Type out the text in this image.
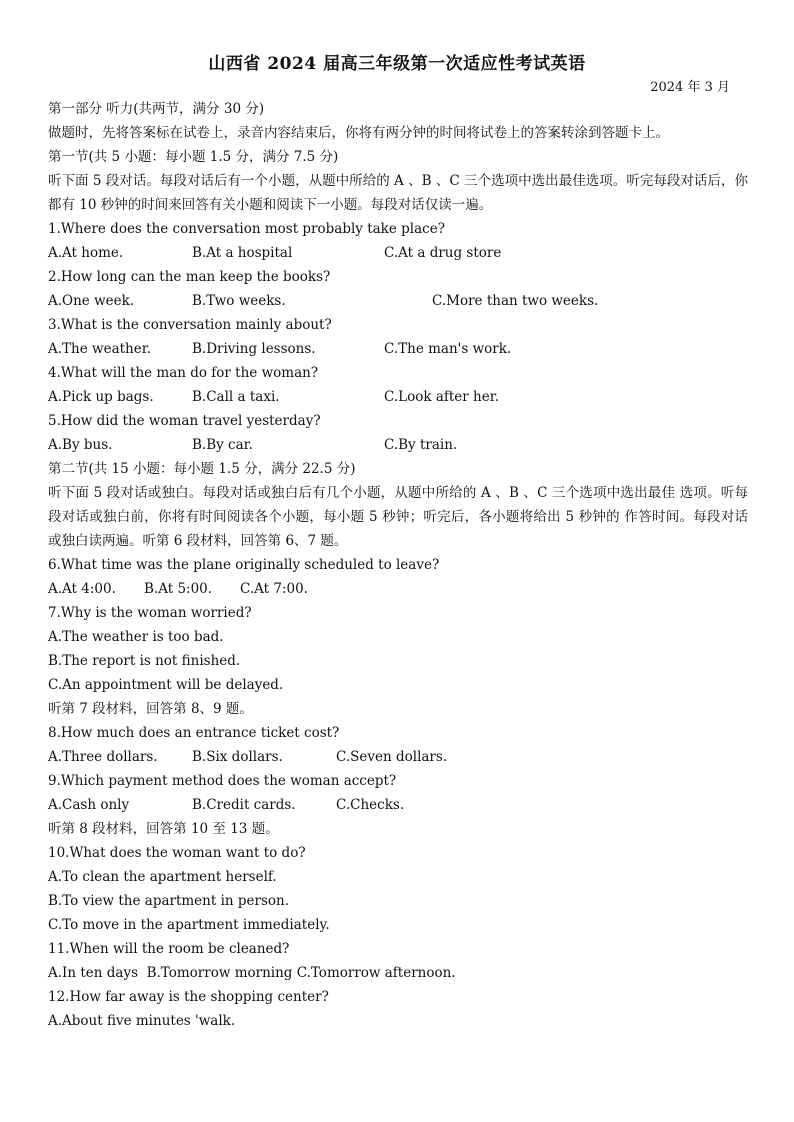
山西省 2024 届高三年级第一次适应性考试英语
2024 年 3 月
第一部分 听力(共两节，满分 30 分)
做题时，先将答案标在试卷上，录音内容结束后，你将有两分钟的时间将试卷上的答案转涂到答题卡上。
第一节(共 5 小题：每小题 1.5 分，满分 7.5 分)
听下面 5 段对话。每段对话后有一个小题，从题中所给的 A 、B 、C 三个选项中选出最佳选项。听完每段对话后，你都有 10 秒钟的时间来回答有关小题和阅读下一小题。每段对话仅读一遍。
1.Where does the conversation most probably take place?
A.At home.	B.At a hospital	C.At a drug store
2.How long can the man keep the books?
A.One week.	B.Two weeks.	C.More than two weeks.
3.What is the conversation mainly about?
A.The weather.	B.Driving lessons.	C.The man's work.
4.What will the man do for the woman?
A.Pick up bags.	B.Call a taxi.	C.Look after her.
5.How did the woman travel yesterday?
A.By bus.	B.By car.	C.By train.
第二节(共 15 小题：每小题 1.5 分，满分 22.5 分)
听下面 5 段对话或独白。每段对话或独白后有几个小题，从题中所给的 A 、B 、C 三个选项中选出最佳 选项。听每段对话或独白前，你将有时间阅读各个小题，每小题 5 秒钟；听完后，各小题将给出 5 秒钟的 作答时间。每段对话或独白读两遍。听第 6 段材料，回答第 6、7 题。
6.What time was the plane originally scheduled to leave?
A.At 4:00. B.At 5:00. C.At 7:00.
7.Why is the woman worried?
A.The weather is too bad.
B.The report is not finished.
C.An appointment will be delayed.
听第 7 段材料，回答第 8、9 题。
8.How much does an entrance ticket cost?
A.Three dollars.	B.Six dollars.	C.Seven dollars.
9.Which payment method does the woman accept?
A.Cash only	B.Credit cards.	C.Checks.
听第 8 段材料，回答第 10 至 13 题。
10.What does the woman want to do?
A.To clean the apartment herself.
B.To view the apartment in person.
C.To move in the apartment immediately.
11.When will the room be cleaned?
A.In ten days  B.Tomorrow morning C.Tomorrow afternoon.
12.How far away is the shopping center?
A.About five minutes 'walk.
